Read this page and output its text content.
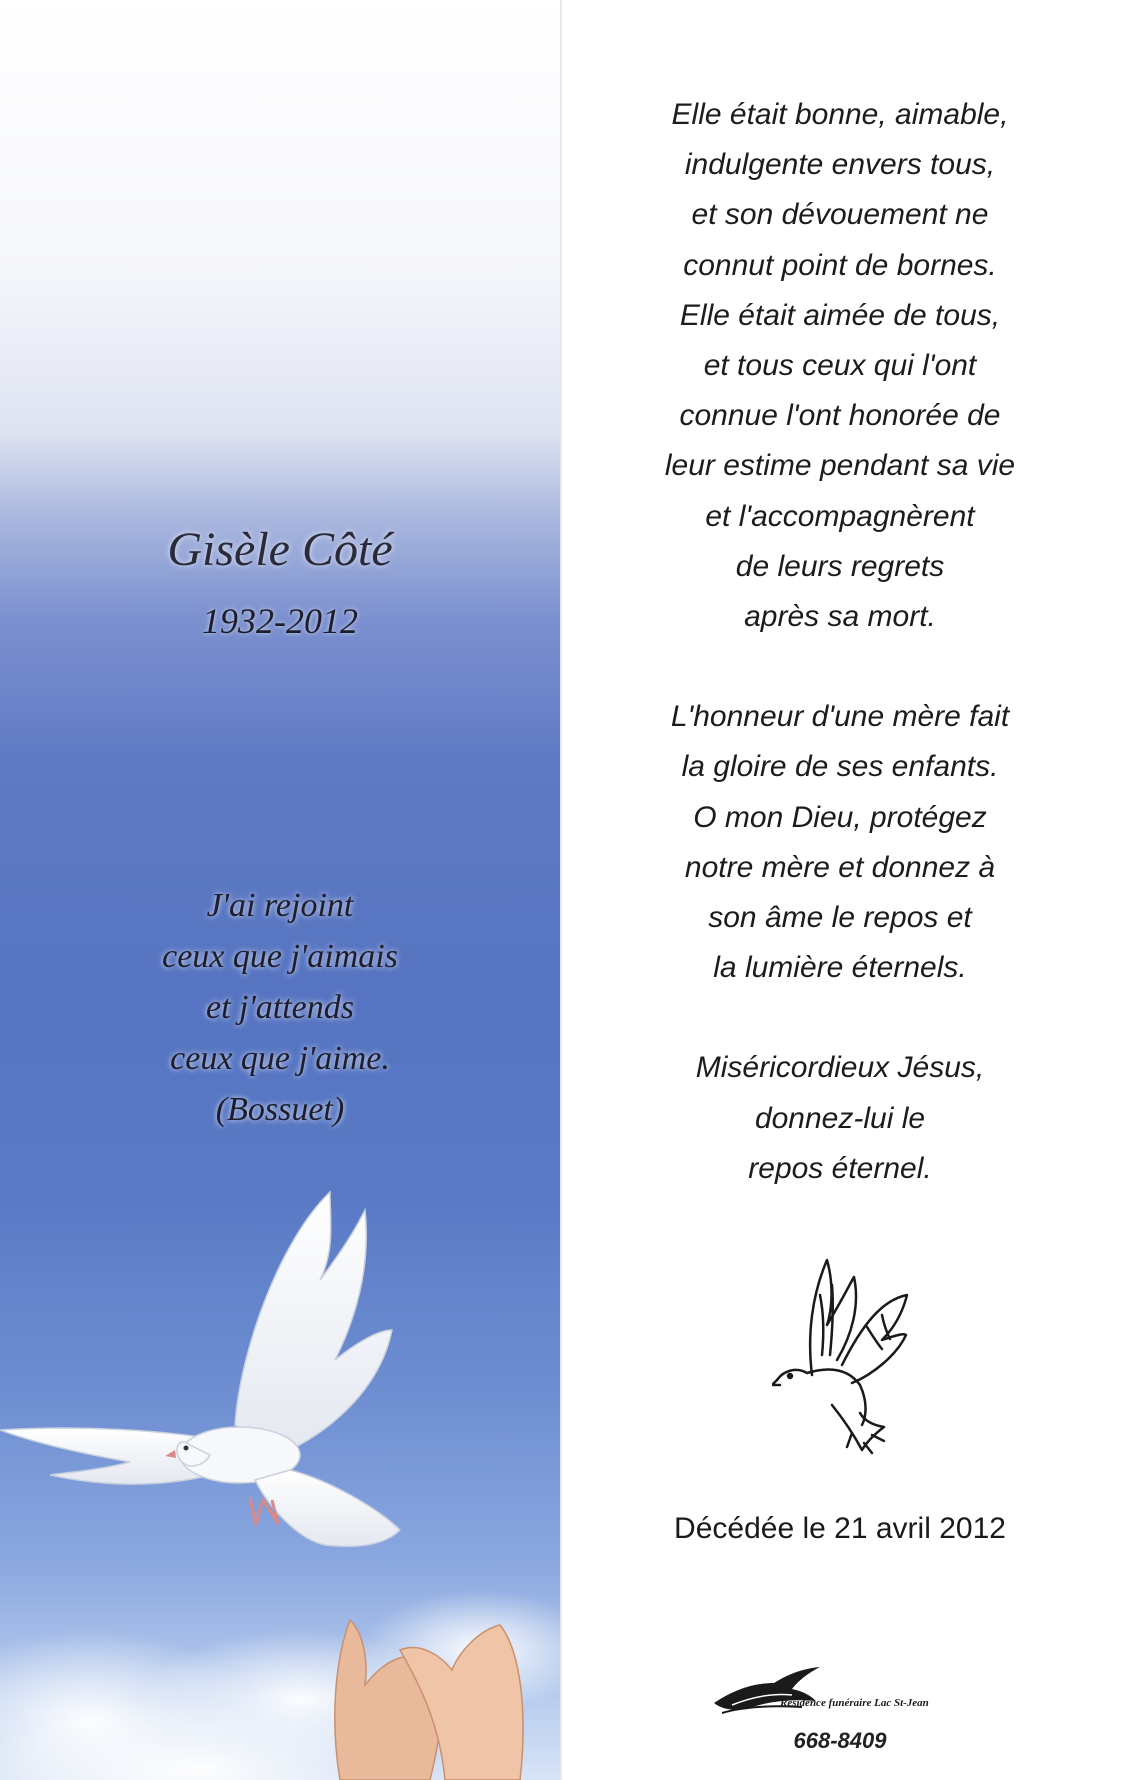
Gisèle Côté
1932-2012
J'ai rejoint
ceux que j'aimais
et j'attends
ceux que j'aime.
(Bossuet)
Elle était bonne, aimable,
indulgente envers tous,
et son dévouement ne
connut point de bornes.
Elle était aimée de tous,
et tous ceux qui l'ont
connue l'ont honorée de
leur estime pendant sa vie
et l'accompagnèrent
de leurs regrets
après sa mort.
L'honneur d'une mère fait
la gloire de ses enfants.
O mon Dieu, protégez
notre mère et donnez à
son âme le repos et
la lumière éternels.
Miséricordieux Jésus,
donnez-lui le
repos éternel.
Décédée le 21 avril 2012
Résidence funéraire Lac St-Jean
668-8409
